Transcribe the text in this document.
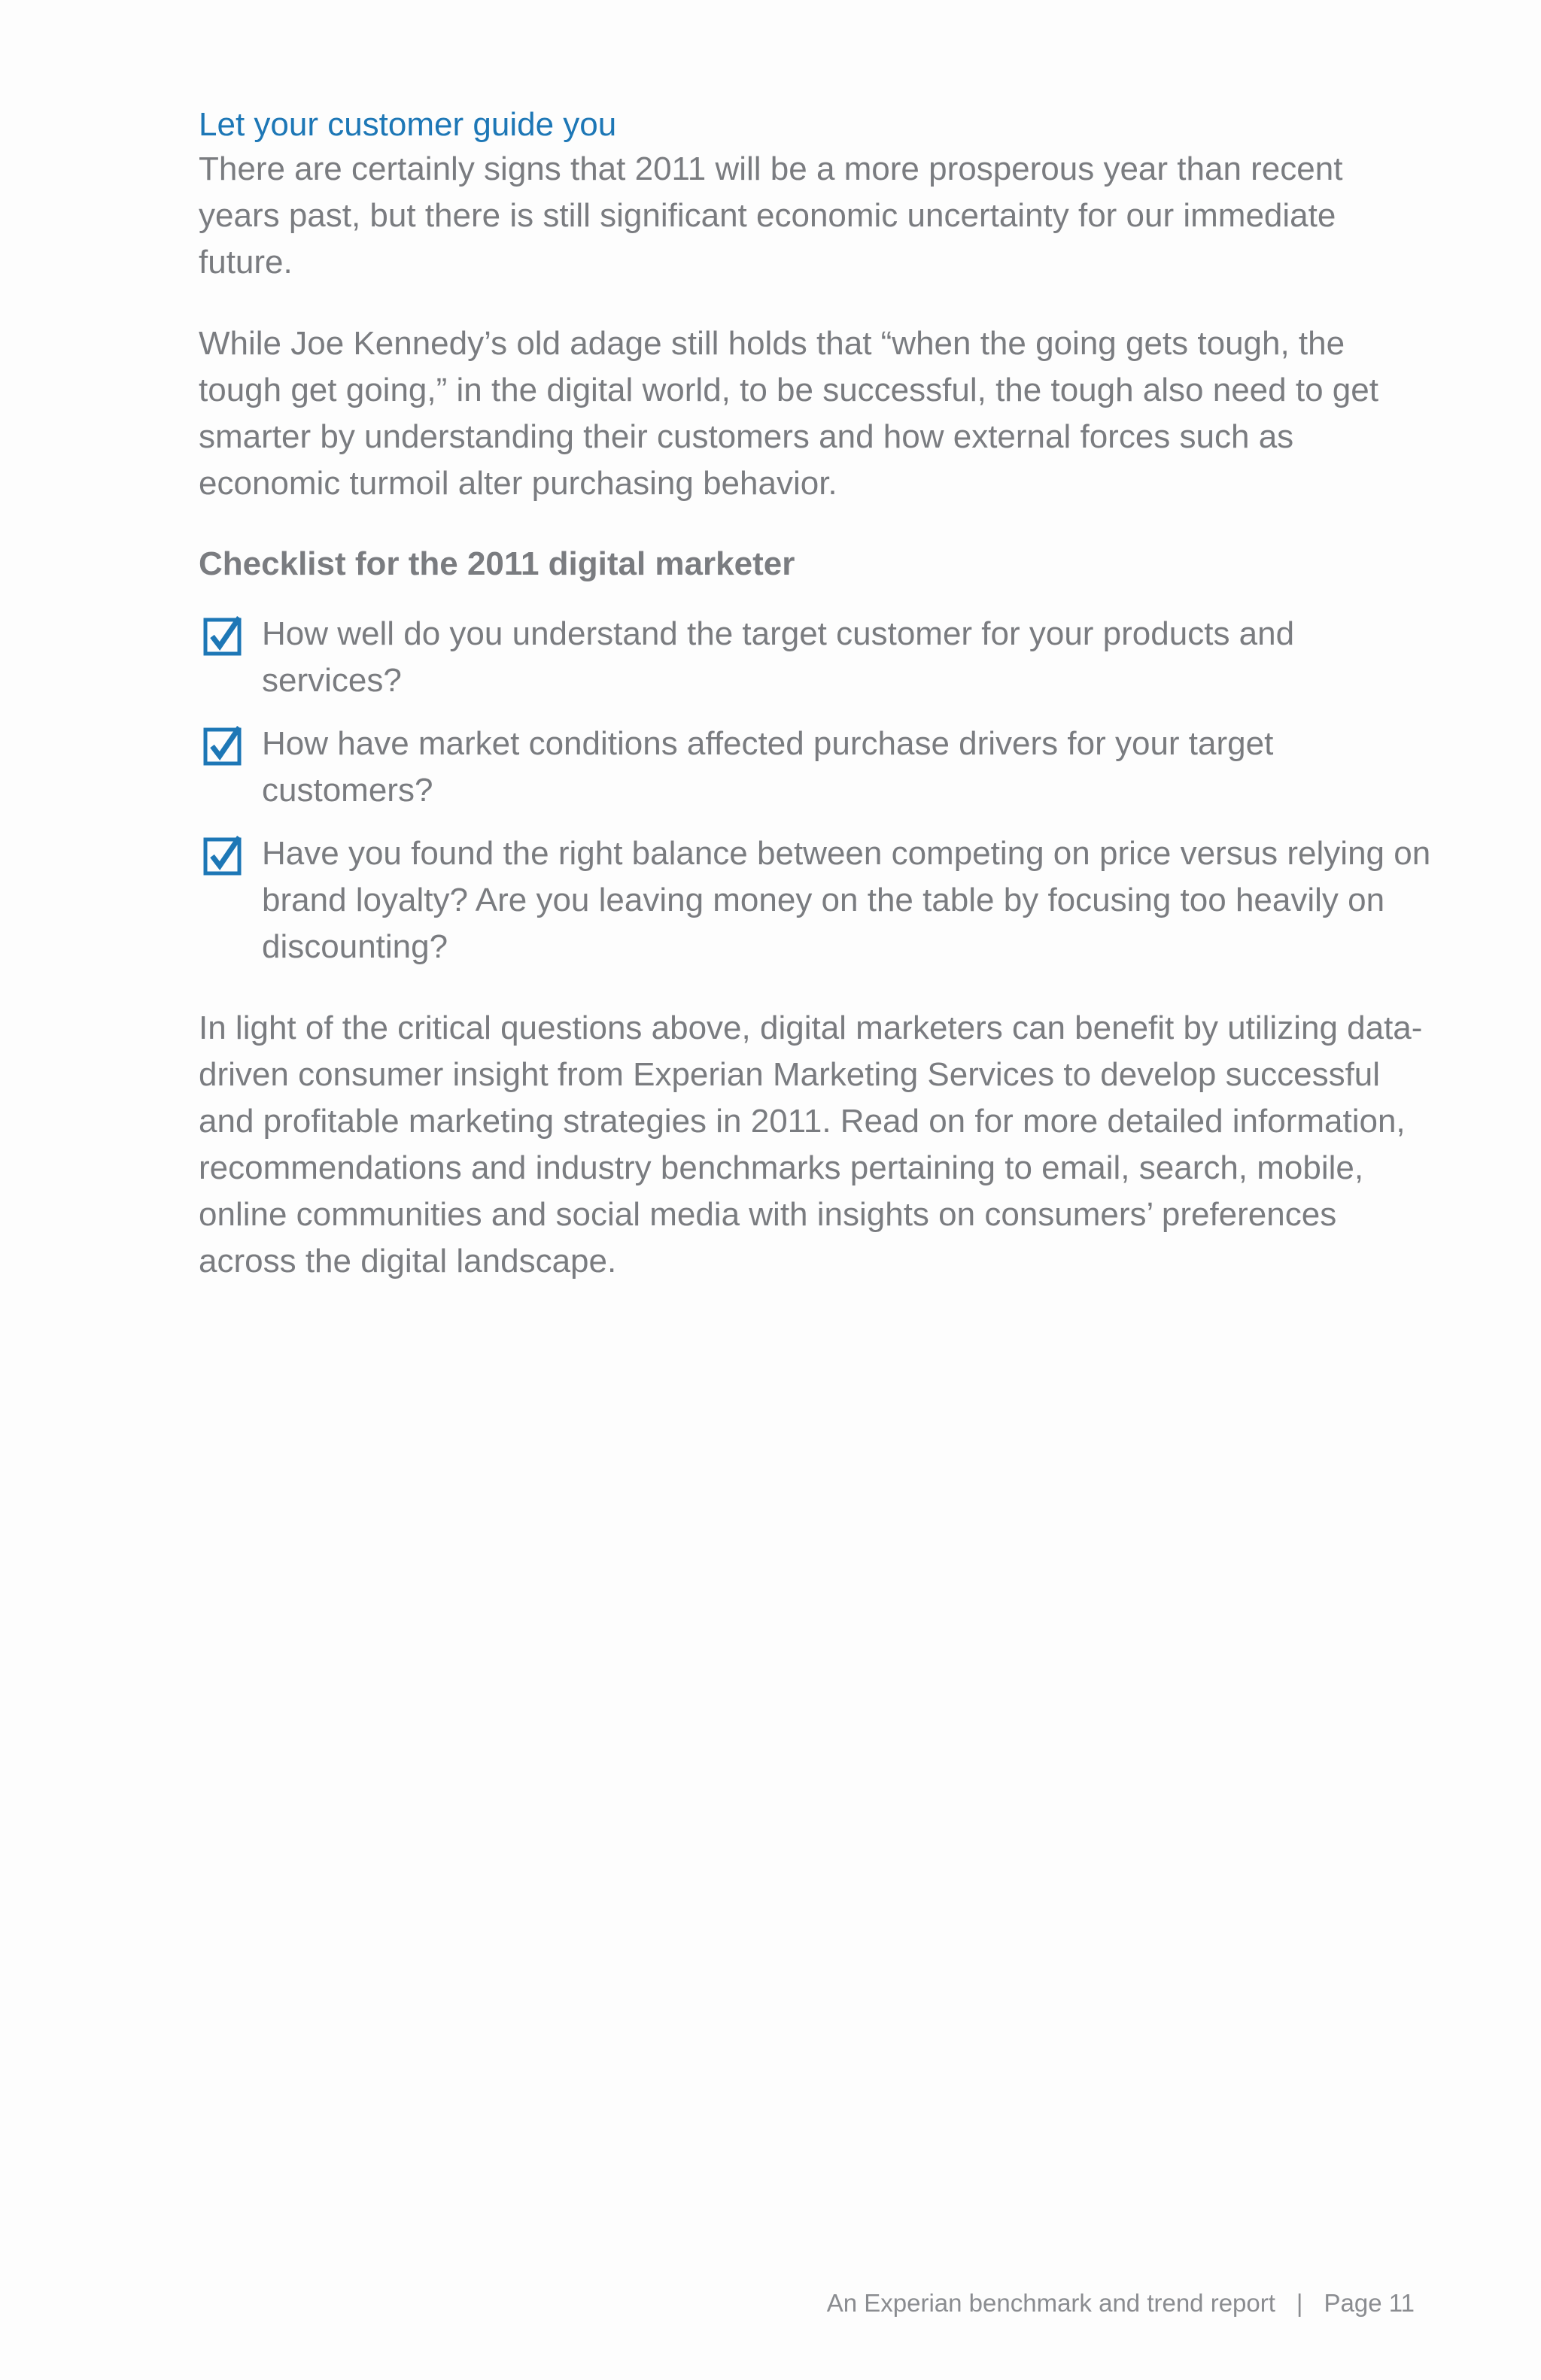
Let your customer guide you

There are certainly signs that 2011 will be a more prosperous year than recent years past, but there is still significant economic uncertainty for our immediate future.

While Joe Kennedy’s old adage still holds that “when the going gets tough, the tough get going,” in the digital world, to be successful, the tough also need to get smarter by understanding their customers and how external forces such as economic turmoil alter purchasing behavior.

Checklist for the 2011 digital marketer
How well do you understand the target customer for your products and services?
How have market conditions affected purchase drivers for your target customers?
Have you found the right balance between competing on price versus relying on brand loyalty? Are you leaving money on the table by focusing too heavily on discounting?

In light of the critical questions above, digital marketers can benefit by utilizing data-driven consumer insight from Experian Marketing Services to develop successful and profitable marketing strategies in 2011. Read on for more detailed information, recommendations and industry benchmarks pertaining to email, search, mobile, online communities and social media with insights on consumers’ preferences across the digital landscape.

An Experian benchmark and trend report | Page 11
